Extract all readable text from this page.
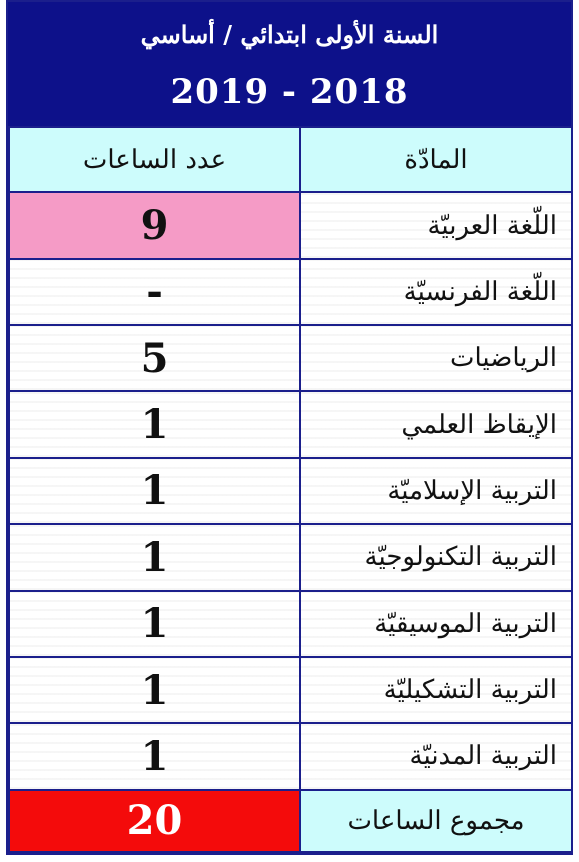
السنة الأولى ابتدائي / أساسي
2019 - 2018
عدد الساعات	المادّة

9	اللّغة العربيّة
-	اللّغة الفرنسيّة
5	الرياضيات
1	الإيقاظ العلمي
1	التربية الإسلاميّة
1	التربية التكنولوجيّة
1	التربية الموسيقيّة
1	التربية التشكيليّة
1	التربية المدنيّة
20	مجموع الساعات
